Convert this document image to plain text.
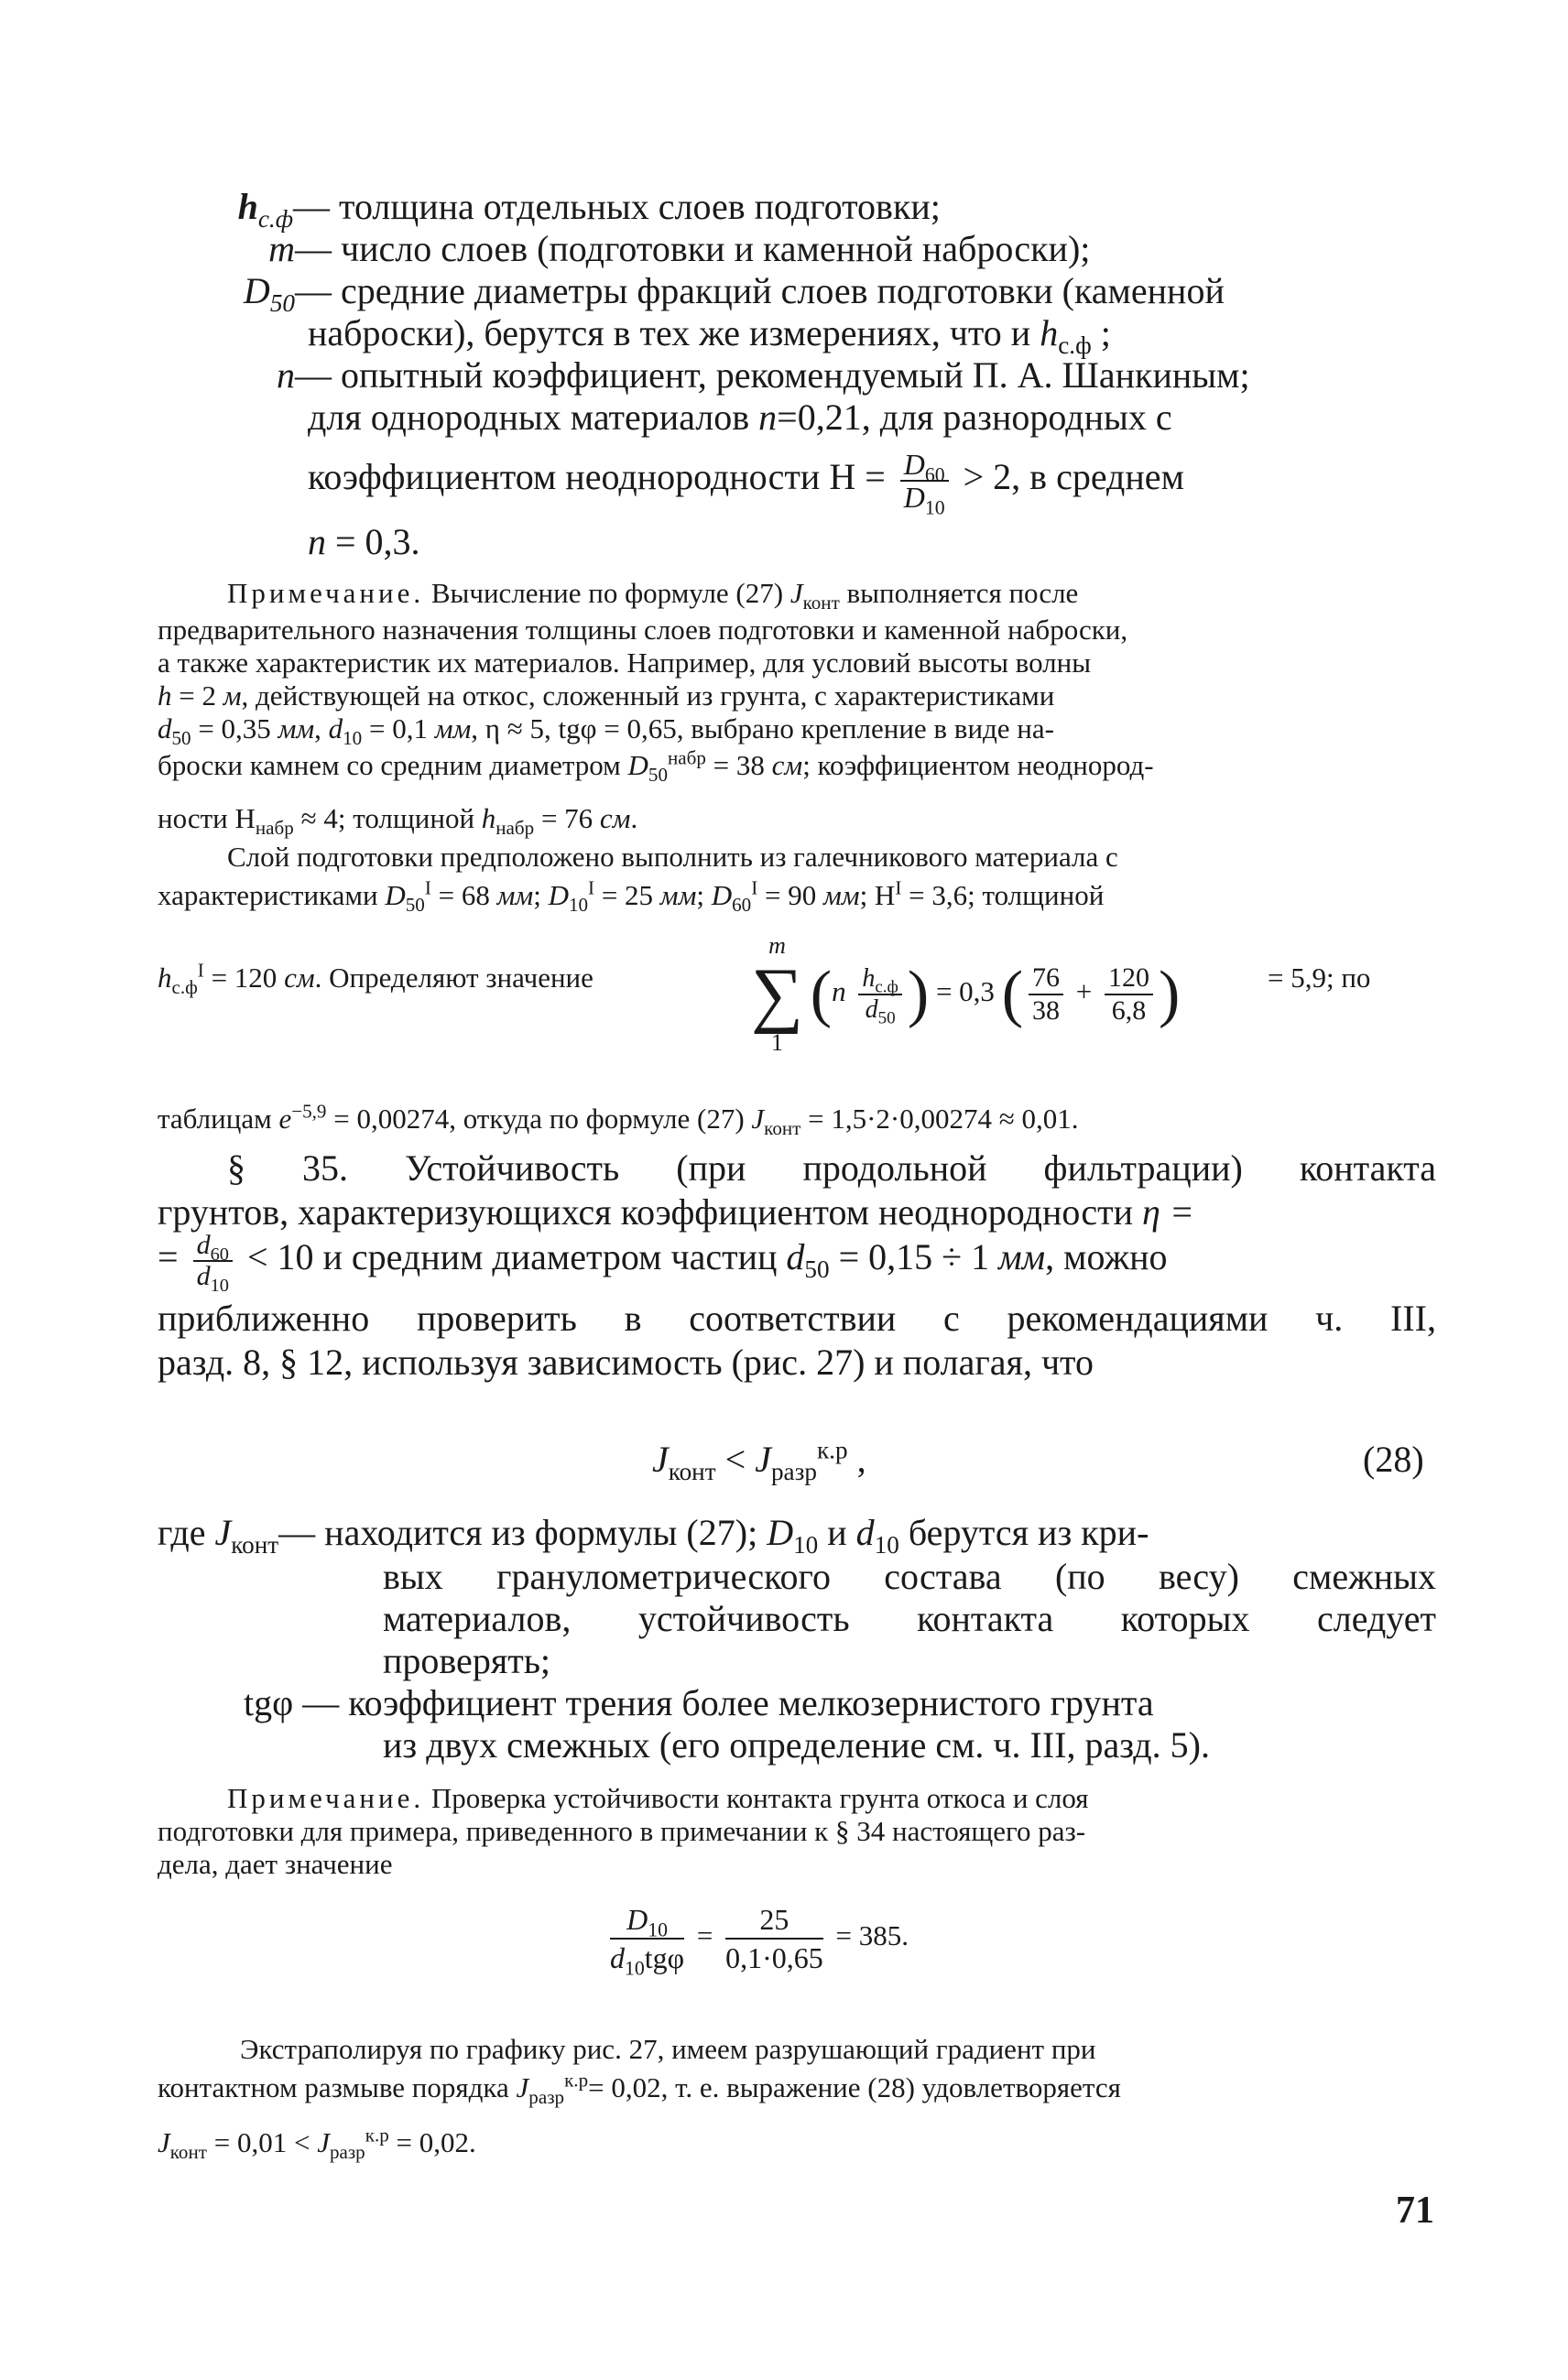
$h_{с.ф}—$ толщина отдельных слоев подготовки;
m— число слоев (подготовки и каменной наброски);
$D_{50}—$ средние диаметры фракций слоев подготовки (каменной
наброски), берутся в тех же измерениях, что и $h_{с.ф}$ ;
n— опытный коэффициент, рекомендуемый П. А. Шанкиным;
для однородных материалов n=0,21, для разнородных с
коэффициентом неоднородности $Н = \frac{D_{60}}{D_{10}} > 2$, в среднем
n = 0,3.
Примечание. Вычисление по формуле (27) $J_{конт}$ выполняется после
предварительного назначения толщины слоев подготовки и каменной наброски,
а также характеристик их материалов. Например, для условий высоты волны
h = 2 м, действующей на откос, сложенный из грунта, с характеристиками
$d_{50} = 0,35$ мм, $d_{10} = 0,1$ мм, η ≈ 5, tgφ = 0,65, выбрано крепление в виде на-
броски камнем со средним диаметром $D_{50}^{набр} = 38$ см; коэффициентом неоднород-
ности $Н_{набр} \approx 4$; толщиной $h_{набр} = 76$ см.
Слой подготовки предположено выполнить из галечникового материала с
характеристиками $D_{50}^I = 68$ мм; $D_{10}^I = 25$ мм; $D_{60}^I = 90$ мм; $Н^I = 3,6$; толщиной
$h_{с.ф}^I = 120$ см. Определяют значение
m
∑
1 ($n \frac{h_{с.ф}}{d_{50}}$ ) = 0,3 ( $\frac{76}{38} + \frac{120}{6,8}$ )	= 5,9; по
таблицам $e^{-5,9} = 0,00274$, откуда по формуле (27) $J_{конт} = 1,5\cdot 2\cdot 0,00274 \approx 0,01$.
§ 35. Устойчивость (при продольной фильтрации) контакта
грунтов, характеризующихся коэффициентом неоднородности η =
= $\frac{d_{60}}{d_{10}} < 10$ и средним диаметром частиц $d_{50} = 0,15 \div 1$ мм, можно
приближенно проверить в соответствии с рекомендациями ч. III,
разд. 8, § 12, используя зависимость (рис. 27) и полагая, что
$J_{конт} < J_{разр}^{к.р}$ ,	(28)
где $J_{конт}—$ находится из формулы (27); $D_{10}$ и $d_{10}$ берутся из кри-
вых гранулометрического состава (по весу) смежных
материалов, устойчивость контакта которых следует
проверять;
tgφ — коэффициент трения более мелкозернистого грунта
из двух смежных (его определение см. ч. III, разд. 5).
Примечание. Проверка устойчивости контакта грунта откоса и слоя
подготовки для примера, приведенного в примечании к § 34 настоящего раз-
дела, дает значение
$\frac{D_{10}}{d_{10}tg\varphi} = \frac{25}{0,1\cdot 0,65} = 385$.
Экстраполируя по графику рис. 27, имеем разрушающий градиент при
контактном размыве порядка $J_{разр}^{к.р}= 0,02$, т. е. выражение (28) удовлетворяется
$J_{конт} = 0,01 < J_{разр}^{к.р} = 0,02$.
71
